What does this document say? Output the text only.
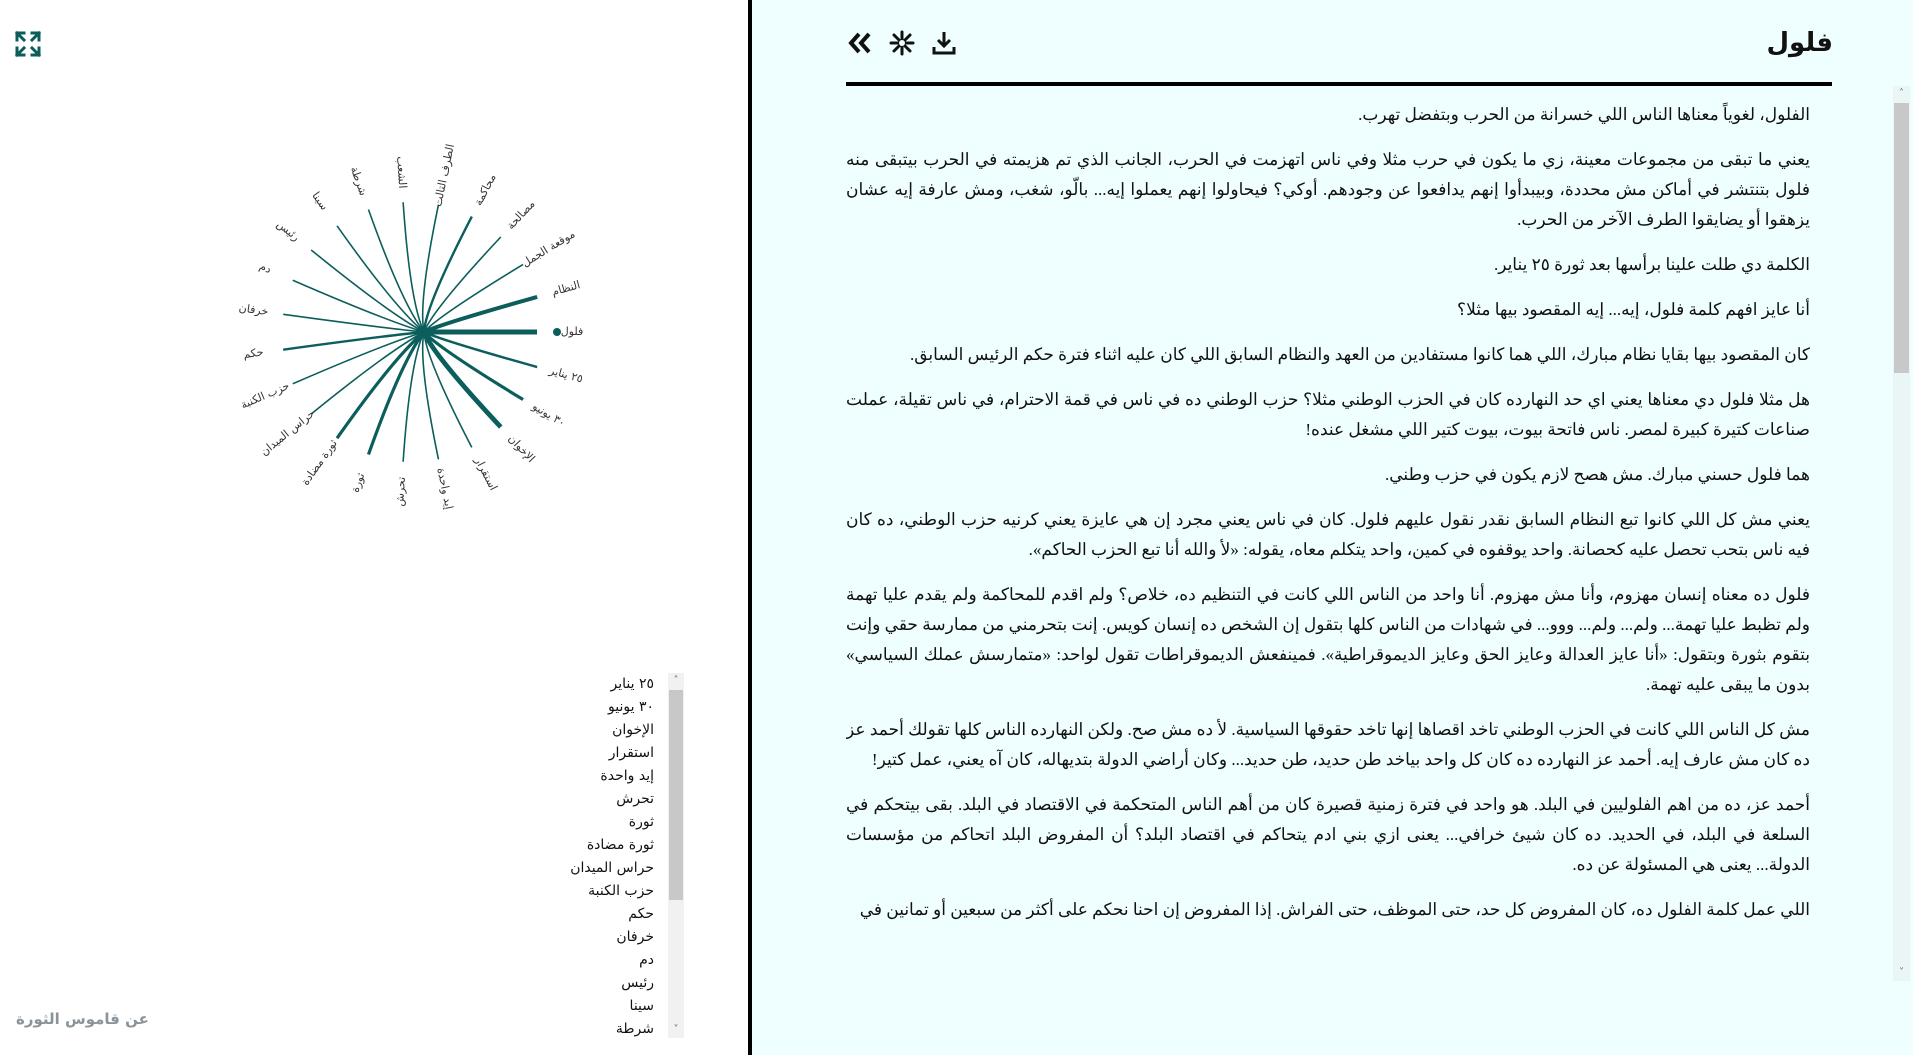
فلول
٢٥ يناير
٣٠ يونيو
الإخوان
استقرار
إيد واحدة
تحرش
ثورة
ثورة مضادة
حراس الميدان
حزب الكنبة
حكم
خرفان
دم
رئيس
سينا
شرطة الشعب الطرف التالت محاكمة
مصالحة
موقعة الجمل
النظام
٢٥ يناير
٣٠ يونيو
الإخوان
استقرار
إيد واحدة
تحرش
ثورة
ثورة مضادة
حراس الميدان
حزب الكنبة
حكم
خرفان
دم
رئيس
سينا
شرطة
˄
˅
عن قاموس الثورة
فلول

الفلول، لغوياً معناها الناس اللي خسرانة من الحرب وبتفضل تهرب.

يعني ما تبقى من مجموعات معينة، زي ما يكون في حرب مثلا وفي ناس اتهزمت في الحرب، الجانب الذي تم هزيمته في الحرب بيتبقى منه فلول بتنتشر في أماكن مش محددة، وبيبدأوا إنهم يدافعوا عن وجودهم. أوكي؟ فيحاولوا إنهم يعملوا إيه... بالّو، شغب، ومش عارفة إيه عشان يزهقوا أو يضايقوا الطرف الآخر من الحرب.

الكلمة دي طلت علينا برأسها بعد ثورة ٢٥ يناير.

أنا عايز افهم كلمة فلول، إيه... إيه المقصود بيها مثلا؟

كان المقصود بيها بقايا نظام مبارك، اللي هما كانوا مستفادين من العهد والنظام السابق اللي كان عليه اثناء فترة حكم الرئيس السابق.

هل مثلا فلول دي معناها يعني اي حد النهارده كان في الحزب الوطني مثلا؟ حزب الوطني ده في ناس في قمة الاحترام، في ناس تقيلة، عملت صناعات كتيرة كبيرة لمصر. ناس فاتحة بيوت، بيوت كتير اللي مشغل عنده!

هما فلول حسني مبارك. مش هصح لازم يكون في حزب وطني.

يعني مش كل اللي كانوا تبع النظام السابق نقدر نقول عليهم فلول. كان في ناس يعني مجرد إن هي عايزة يعني كرنيه حزب الوطني، ده كان فيه ناس بتحب تحصل عليه كحصانة. واحد يوقفوه في كمين، واحد يتكلم معاه، يقوله: «لأ والله أنا تبع الحزب الحاكم».

فلول ده معناه إنسان مهزوم، وأنا مش مهزوم. أنا واحد من الناس اللي كانت في التنظيم ده، خلاص؟ ولم اقدم للمحاكمة ولم يقدم عليا تهمة ولم تظبط عليا تهمة... ولم... ولم... ووو... في شهادات من الناس كلها بتقول إن الشخص ده إنسان كويس. إنت بتحرمني من ممارسة حقي وإنت بتقوم بثورة وبتقول: «أنا عايز العدالة وعايز الحق وعايز الديموقراطية». فمينفعش الديموقراطات تقول لواحد: «متمارسش عملك السياسي» بدون ما يبقى عليه تهمة.

مش كل الناس اللي كانت في الحزب الوطني تاخد اقصاها إنها تاخد حقوقها السياسية. لأ ده مش صح. ولكن النهارده الناس كلها تقولك أحمد عز ده كان مش عارف إيه. أحمد عز النهارده ده كان كل واحد بياخد طن حديد، طن حديد... وكان أراضي الدولة بتديهاله، كان آه يعني، عمل كتير!

أحمد عز، ده من اهم الفلوليين في البلد. هو واحد في فترة زمنية قصيرة كان من أهم الناس المتحكمة في الاقتصاد في البلد. بقى بيتحكم في السلعة في البلد، في الحديد. ده كان شيئ خرافي... يعنى ازي بني ادم يتحاكم في اقتصاد البلد؟ أن المفروض البلد اتحاكم من مؤسسات الدولة... يعنى هي المسئولة عن ده.

اللي عمل كلمة الفلول ده، كان المفروض كل حد، حتى الموظف، حتى الفراش. إذا المفروض إن احنا نحكم على أكثر من سبعين أو تمانين في

˄
˅
